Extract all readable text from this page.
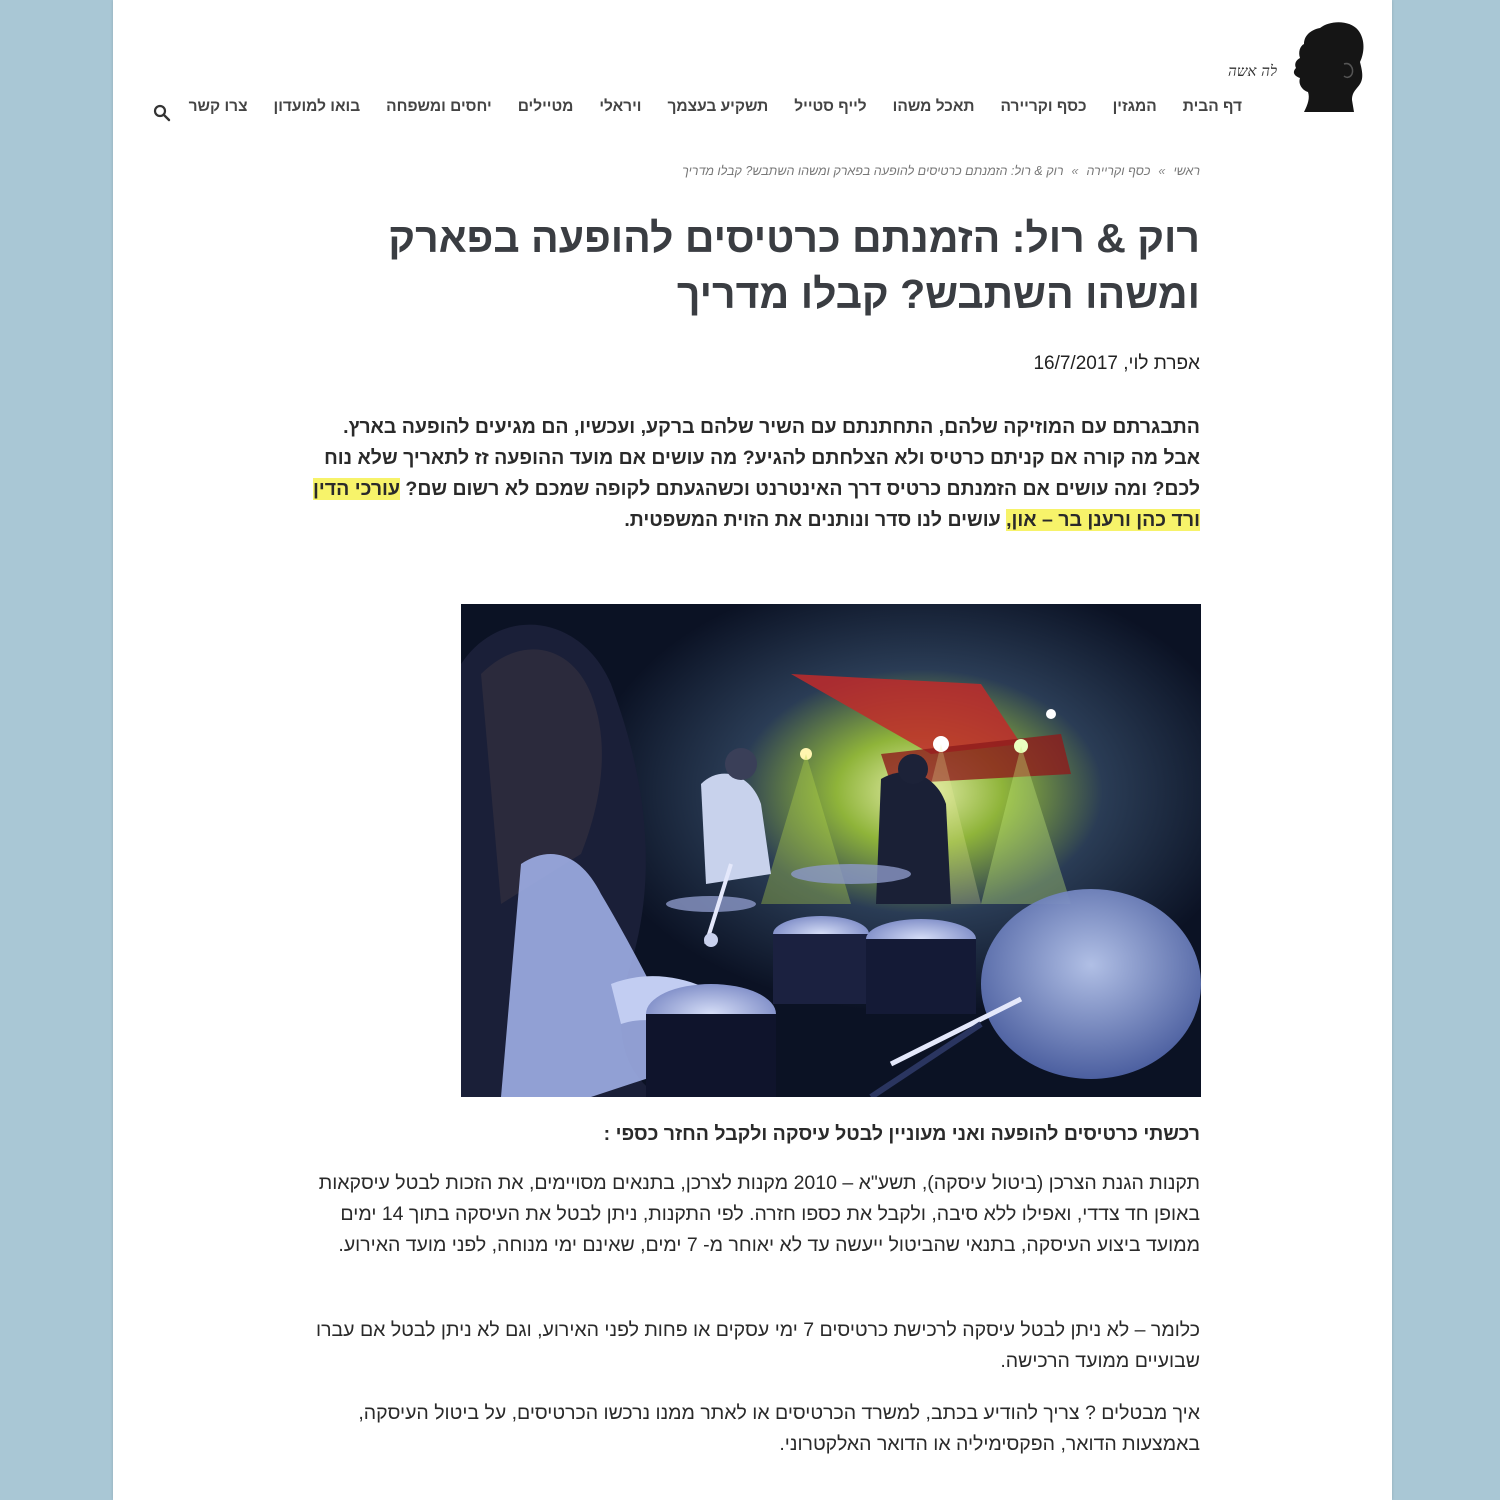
לה אשה
דף הבית
המגזין
כסף וקריירה
תאכל משהו
לייף סטייל
תשקיע בעצמך
ויראלי
מטיילים
יחסים ומשפחה
בואו למועדון
צרו קשר
ראשי»כסף וקריירה»רוק & רול: הזמנתם כרטיסים להופעה בפארק ומשהו השתבש? קבלו מדריך
רוק & רול: הזמנתם כרטיסים להופעה בפארק ומשהו השתבש? קבלו מדריך
אפרת לוי, 16/7/2017

התבגרתם עם המוזיקה שלהם, התחתנתם עם השיר שלהם ברקע, ועכשיו, הם מגיעים להופעה בארץ. אבל מה קורה אם קניתם כרטיס ולא הצלחתם להגיע? מה עושים אם מועד ההופעה זז לתאריך שלא נוח לכם? ומה עושים אם הזמנתם כרטיס דרך האינטרנט וכשהגעתם לקופה שמכם לא רשום שם? עורכי הדין ורד כהן ורענן בר – און, עושים לנו סדר ונותנים את הזוית המשפטית.

רכשתי כרטיסים להופעה ואני מעוניין לבטל עיסקה ולקבל החזר כספי :

תקנות הגנת הצרכן (ביטול עיסקה), תשע"א – 2010 מקנות לצרכן, בתנאים מסויימים, את הזכות לבטל עיסקאות באופן חד צדדי, ואפילו ללא סיבה, ולקבל את כספו חזרה. לפי התקנות, ניתן לבטל את העיסקה בתוך 14 ימים ממועד ביצוע העיסקה, בתנאי שהביטול ייעשה עד לא יאוחר מ- 7 ימים, שאינם ימי מנוחה, לפני מועד האירוע.

כלומר – לא ניתן לבטל עיסקה לרכישת כרטיסים 7 ימי עסקים או פחות לפני האירוע, וגם לא ניתן לבטל אם עברו שבועיים ממועד הרכישה.

איך מבטלים ? צריך להודיע בכתב, למשרד הכרטיסים או לאתר ממנו נרכשו הכרטיסים, על ביטול העיסקה, באמצעות הדואר, הפקסימיליה או הדואר האלקטרוני.
